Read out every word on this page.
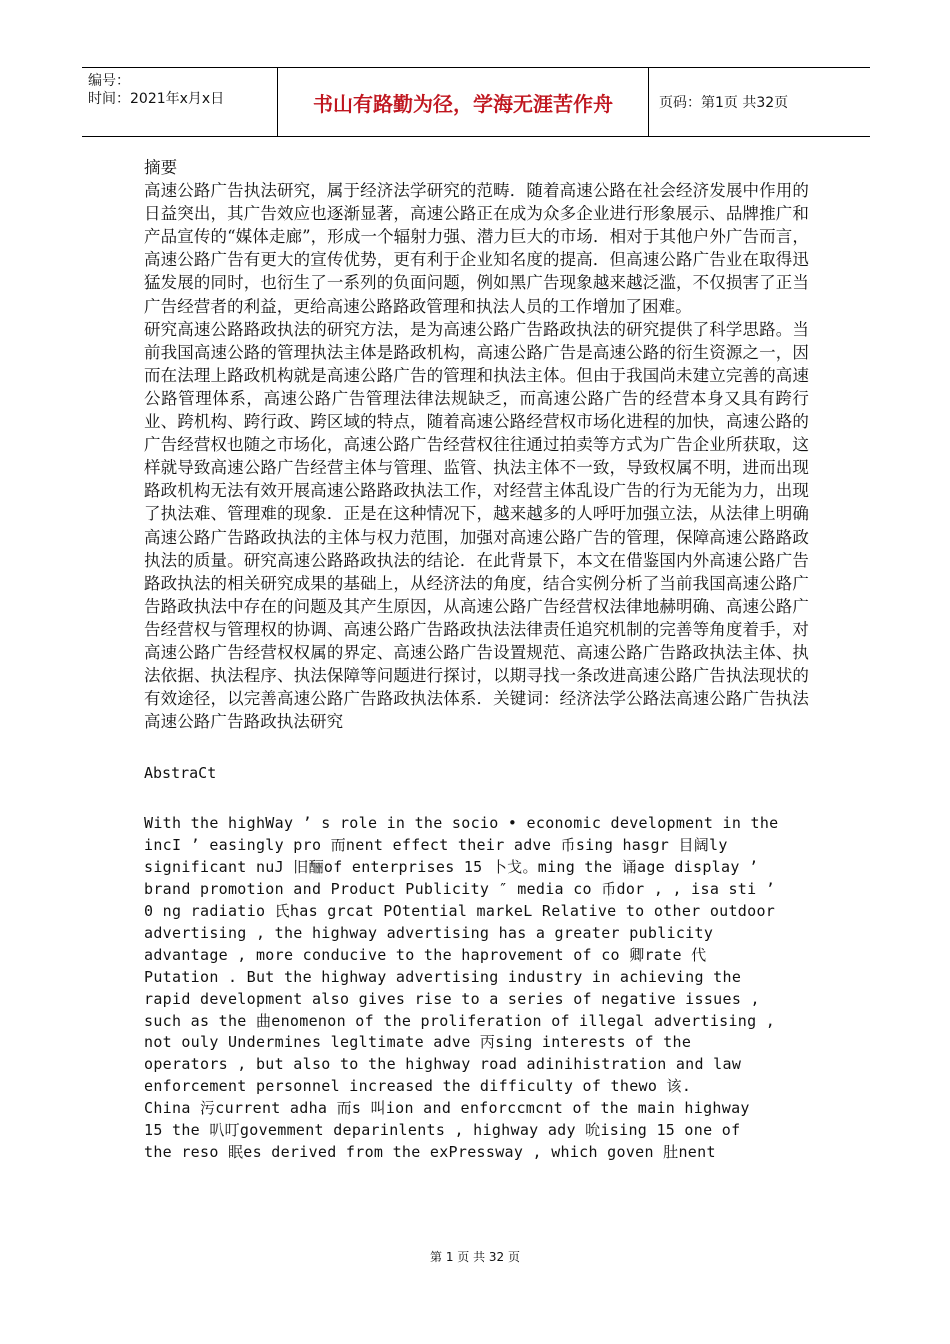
编号：
时间：2021年x月x日	书山有路勤为径，学海无涯苦作舟	页码：第1页 共32页

摘要

高速公路广告执法研究，属于经济法学研究的范畴．随着高速公路在社会经济发展中作用的日益突出，其广告效应也逐渐显著，高速公路正在成为众多企业进行形象展示、品牌推广和产品宣传的“媒体走廊”，形成一个辐射力强、潜力巨大的市场．相对于其他户外广告而言，高速公路广告有更大的宣传优势，更有利于企业知名度的提高．但高速公路广告业在取得迅猛发展的同时，也衍生了一系列的负面问题，例如黑广告现象越来越泛滥，不仅损害了正当广告经营者的利益，更给高速公路路政管理和执法人员的工作增加了困难。

研究高速公路路政执法的研究方法，是为高速公路广告路政执法的研究提供了科学思路。当前我国高速公路的管理执法主体是路政机构，高速公路广告是高速公路的衍生资源之一，因而在法理上路政机构就是高速公路广告的管理和执法主体。但由于我国尚未建立完善的高速公路管理体系，高速公路广告管理法律法规缺乏，而高速公路广告的经营本身又具有跨行业、跨机构、跨行政、跨区域的特点，随着高速公路经营权市场化进程的加快，高速公路的广告经营权也随之市场化，高速公路广告经营权往往通过拍卖等方式为广告企业所获取，这样就导致高速公路广告经营主体与管理、监管、执法主体不一致，导致权属不明，进而出现路政机构无法有效开展高速公路路政执法工作，对经营主体乱设广告的行为无能为力，出现了执法难、管理难的现象．正是在这种情况下，越来越多的人呼吁加强立法，从法律上明确高速公路广告路政执法的主体与权力范围，加强对高速公路广告的管理，保障高速公路路政执法的质量。研究高速公路路政执法的结论．在此背景下，本文在借鉴国内外高速公路广告路政执法的相关研究成果的基础上，从经济法的角度，结合实例分析了当前我国高速公路广告路政执法中存在的问题及其产生原因，从高速公路广告经营权法律地赫明确、高速公路广告经营权与管理权的协调、高速公路广告路政执法法律责任追究机制的完善等角度着手，对高速公路广告经营权权属的界定、高速公路广告设置规范、高速公路广告路政执法主体、执法依据、执法程序、执法保障等问题进行探讨，以期寻找一条改进高速公路广告执法现状的有效途径，以完善高速公路广告路政执法体系．关键词：经济法学公路法高速公路广告执法高速公路广告路政执法研究

AbstraCt

With the highWay ’ s role in the socio • economic development in the
incI ’ easingly pro 而nent effect their adve 币sing hasgr 目阔ly
significant nuJ 旧酾of enterprises 15 卜戈。ming the 诵age display ’
brand promotion and Product Publicity ″ media co 币dor , , isa sti ’
0 ng radiatio 氏has grcat POtential markeL Relative to other outdoor
advertising , the highway advertising has a greater publicity
advantage , more conducive to the haprovement of co 卿rate 代
Putation . But the highway advertising industry in achieving the
rapid development also gives rise to a series of negative issues ,
such as the 曲enomenon of the proliferation of illegal advertising ,
not ouly Undermines legltimate adve 丙sing interests of the
operators , but also to the highway road adinihistration and law
enforcement personnel increased the difficulty of thewo 该.
China 污current adha 而s 叫ion and enforccmcnt of the main highway
15 the 叭叮govemment deparinlents , highway ady 吮ising 15 one of
the reso 眠es derived from the exPressway , which goven 肚nent

第 1 页 共 32 页
